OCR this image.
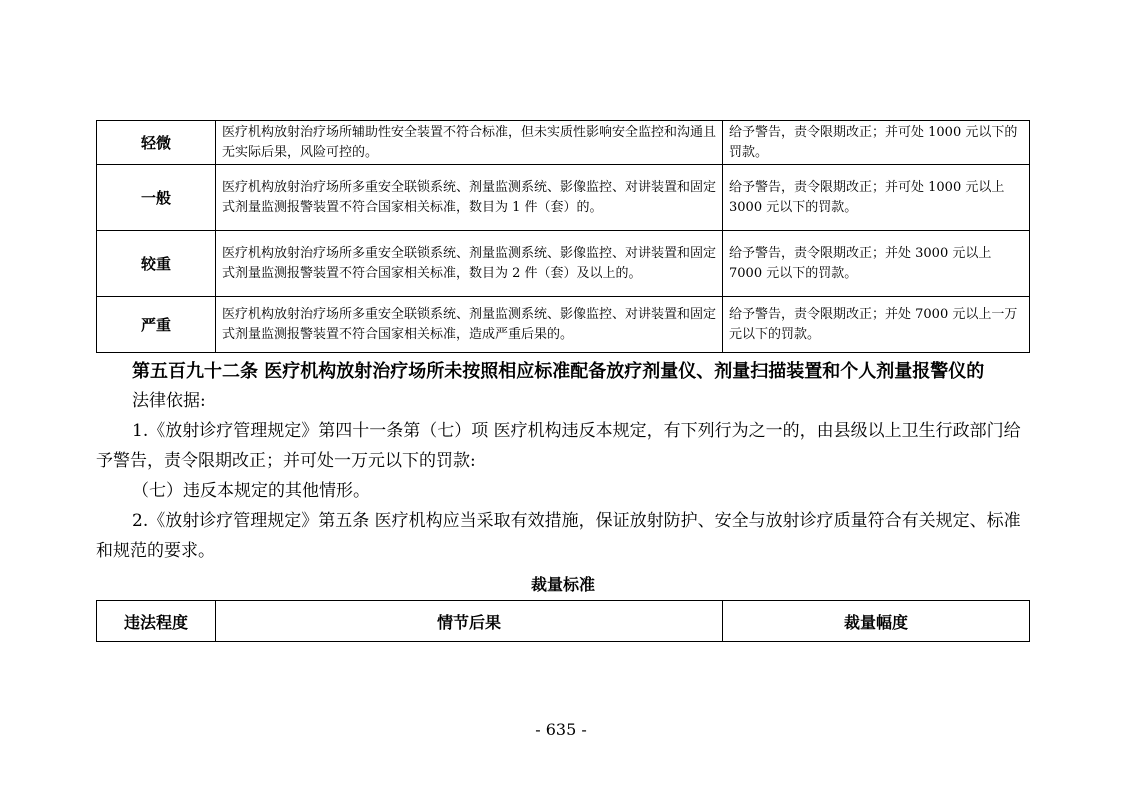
轻微	医疗机构放射治疗场所辅助性安全装置不符合标准，但未实质性影响安全监控和沟通且无实际后果，风险可控的。	给予警告，责令限期改正；并可处 1000 元以下的罚款。
一般	医疗机构放射治疗场所多重安全联锁系统、剂量监测系统、影像监控、对讲装置和固定式剂量监测报警装置不符合国家相关标准，数目为 1 件（套）的。	给予警告，责令限期改正；并可处 1000 元以上 3000 元以下的罚款。
较重	医疗机构放射治疗场所多重安全联锁系统、剂量监测系统、影像监控、对讲装置和固定式剂量监测报警装置不符合国家相关标准，数目为 2 件（套）及以上的。	给予警告，责令限期改正；并处 3000 元以上 7000 元以下的罚款。
严重	医疗机构放射治疗场所多重安全联锁系统、剂量监测系统、影像监控、对讲装置和固定式剂量监测报警装置不符合国家相关标准，造成严重后果的。	给予警告，责令限期改正；并处 7000 元以上一万元以下的罚款。

第五百九十二条 医疗机构放射治疗场所未按照相应标准配备放疗剂量仪、剂量扫描装置和个人剂量报警仪的

法律依据:

1.《放射诊疗管理规定》第四十一条第（七）项 医疗机构违反本规定，有下列行为之一的，由县级以上卫生行政部门给予警告，责令限期改正；并可处一万元以下的罚款:

（七）违反本规定的其他情形。

2.《放射诊疗管理规定》第五条 医疗机构应当采取有效措施，保证放射防护、安全与放射诊疗质量符合有关规定、标准和规范的要求。

裁量标准
违法程度	情节后果	裁量幅度
- 635 -
